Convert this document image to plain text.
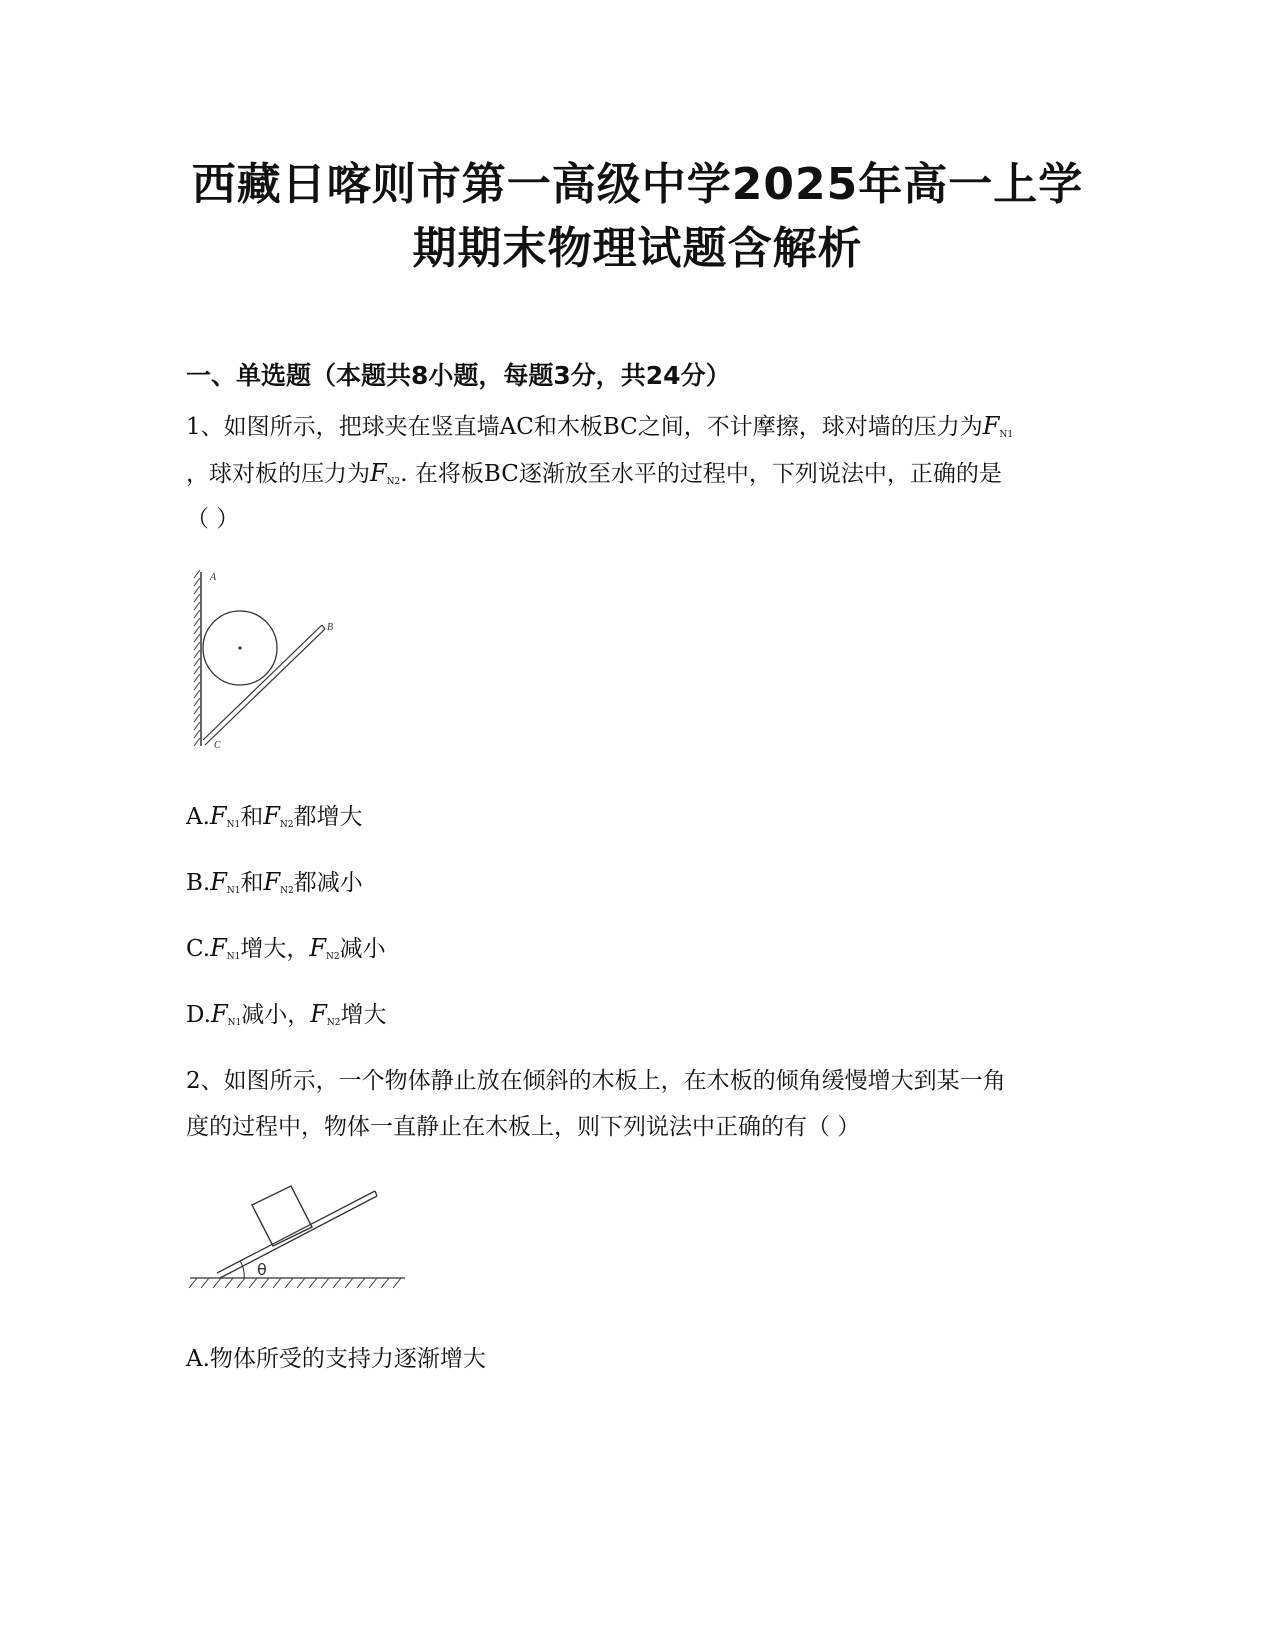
西藏日喀则市第一高级中学2025年高一上学
期期末物理试题含解析
一、单选题（本题共8小题，每题3分，共24分）
1、如图所示，把球夹在竖直墙AC和木板BC之间，不计摩擦，球对墙的压力为FN1
，球对板的压力为FN2. 在将板BC逐渐放至水平的过程中，下列说法中，正确的是
（ ）
A
B
C
A.FN1和FN2都增大
B.FN1和FN2都减小
C.FN1增大，FN2减小
D.FN1减小，FN2增大
2、如图所示，一个物体静止放在倾斜的木板上，在木板的倾角缓慢增大到某一角
度的过程中，物体一直静止在木板上，则下列说法中正确的有（ ）
θ
A.物体所受的支持力逐渐增大
